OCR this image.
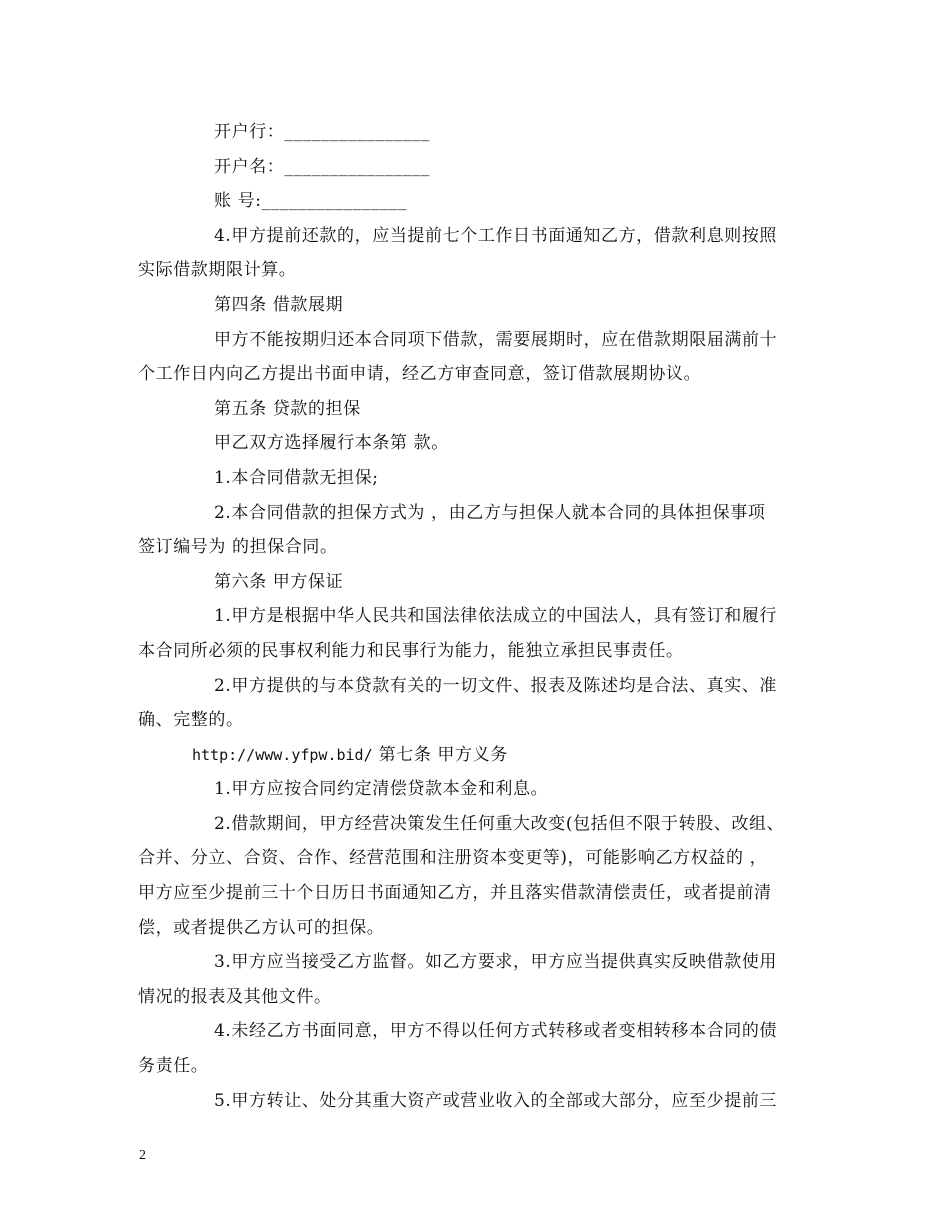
开户行：________________
开户名：________________
账 号:________________
4.甲方提前还款的，应当提前七个工作日书面通知乙方，借款利息则按照
实际借款期限计算。
第四条 借款展期
甲方不能按期归还本合同项下借款，需要展期时，应在借款期限届满前十
个工作日内向乙方提出书面申请，经乙方审查同意，签订借款展期协议。
第五条 贷款的担保
甲乙双方选择履行本条第 款。
1.本合同借款无担保;
2.本合同借款的担保方式为 ，由乙方与担保人就本合同的具体担保事项
签订编号为 的担保合同。
第六条 甲方保证
1.甲方是根据中华人民共和国法律依法成立的中国法人，具有签订和履行
本合同所必须的民事权利能力和民事行为能力，能独立承担民事责任。
2.甲方提供的与本贷款有关的一切文件、报表及陈述均是合法、真实、准
确、完整的。
http://www.yfpw.bid/ 第七条 甲方义务
1.甲方应按合同约定清偿贷款本金和利息。
2.借款期间，甲方经营决策发生任何重大改变(包括但不限于转股、改组、
合并、分立、合资、合作、经营范围和注册资本变更等)，可能影响乙方权益的 ，
甲方应至少提前三十个日历日书面通知乙方，并且落实借款清偿责任，或者提前清
偿，或者提供乙方认可的担保。
3.甲方应当接受乙方监督。如乙方要求，甲方应当提供真实反映借款使用
情况的报表及其他文件。
4.未经乙方书面同意，甲方不得以任何方式转移或者变相转移本合同的债
务责任。
5.甲方转让、处分其重大资产或营业收入的全部或大部分，应至少提前三
2
